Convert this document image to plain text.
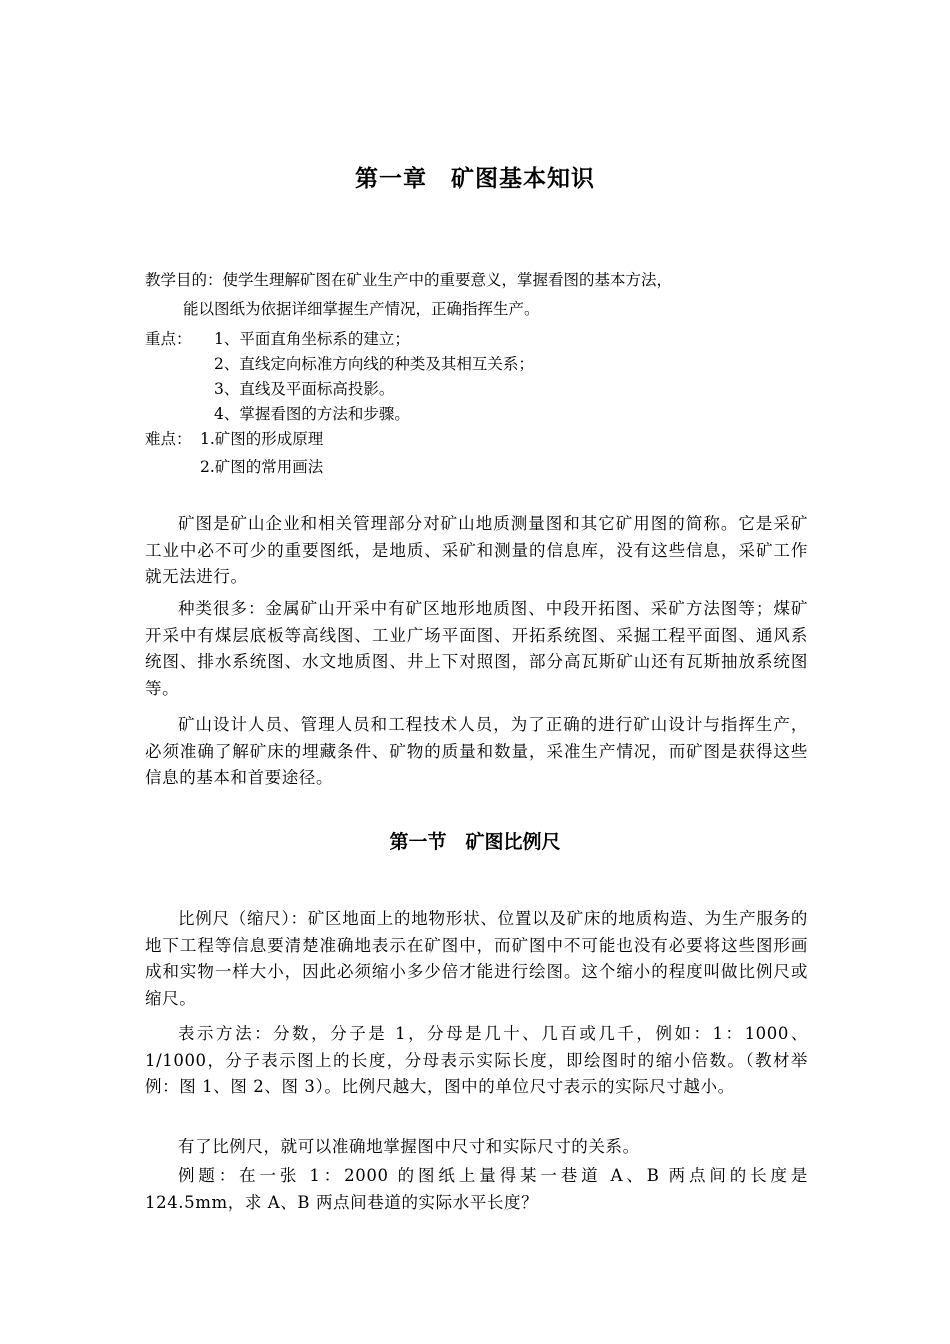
第一章　矿图基本知识
教学目的：使学生理解矿图在矿业生产中的重要意义，掌握看图的基本方法，
能以图纸为依据详细掌握生产情况，正确指挥生产。
重点： 1、平面直角坐标系的建立；
2、直线定向标准方向线的种类及其相互关系；
3、直线及平面标高投影。
4、掌握看图的方法和步骤。
难点： 1.矿图的形成原理
2.矿图的常用画法

矿图是矿山企业和相关管理部分对矿山地质测量图和其它矿用图的简称。它是采矿工业中必不可少的重要图纸，是地质、采矿和测量的信息库，没有这些信息，采矿工作就无法进行。

种类很多：金属矿山开采中有矿区地形地质图、中段开拓图、采矿方法图等；煤矿开采中有煤层底板等高线图、工业广场平面图、开拓系统图、采掘工程平面图、通风系统图、排水系统图、水文地质图、井上下对照图，部分高瓦斯矿山还有瓦斯抽放系统图等。

矿山设计人员、管理人员和工程技术人员，为了正确的进行矿山设计与指挥生产，必须准确了解矿床的埋藏条件、矿物的质量和数量，采准生产情况，而矿图是获得这些信息的基本和首要途径。

第一节　矿图比例尺

比例尺（缩尺）：矿区地面上的地物形状、位置以及矿床的地质构造、为生产服务的地下工程等信息要清楚准确地表示在矿图中，而矿图中不可能也没有必要将这些图形画成和实物一样大小，因此必须缩小多少倍才能进行绘图。这个缩小的程度叫做比例尺或缩尺。

表示方法：分数，分子是 1，分母是几十、几百或几千，例如：1：1000、1/1000，分子表示图上的长度，分母表示实际长度，即绘图时的缩小倍数。（教材举例：图 1、图 2、图 3）。比例尺越大，图中的单位尺寸表示的实际尺寸越小。

有了比例尺，就可以准确地掌握图中尺寸和实际尺寸的关系。

例题：在一张 1：2000 的图纸上量得某一巷道 A、B 两点间的长度是 124.5mm，求 A、B 两点间巷道的实际水平长度？
